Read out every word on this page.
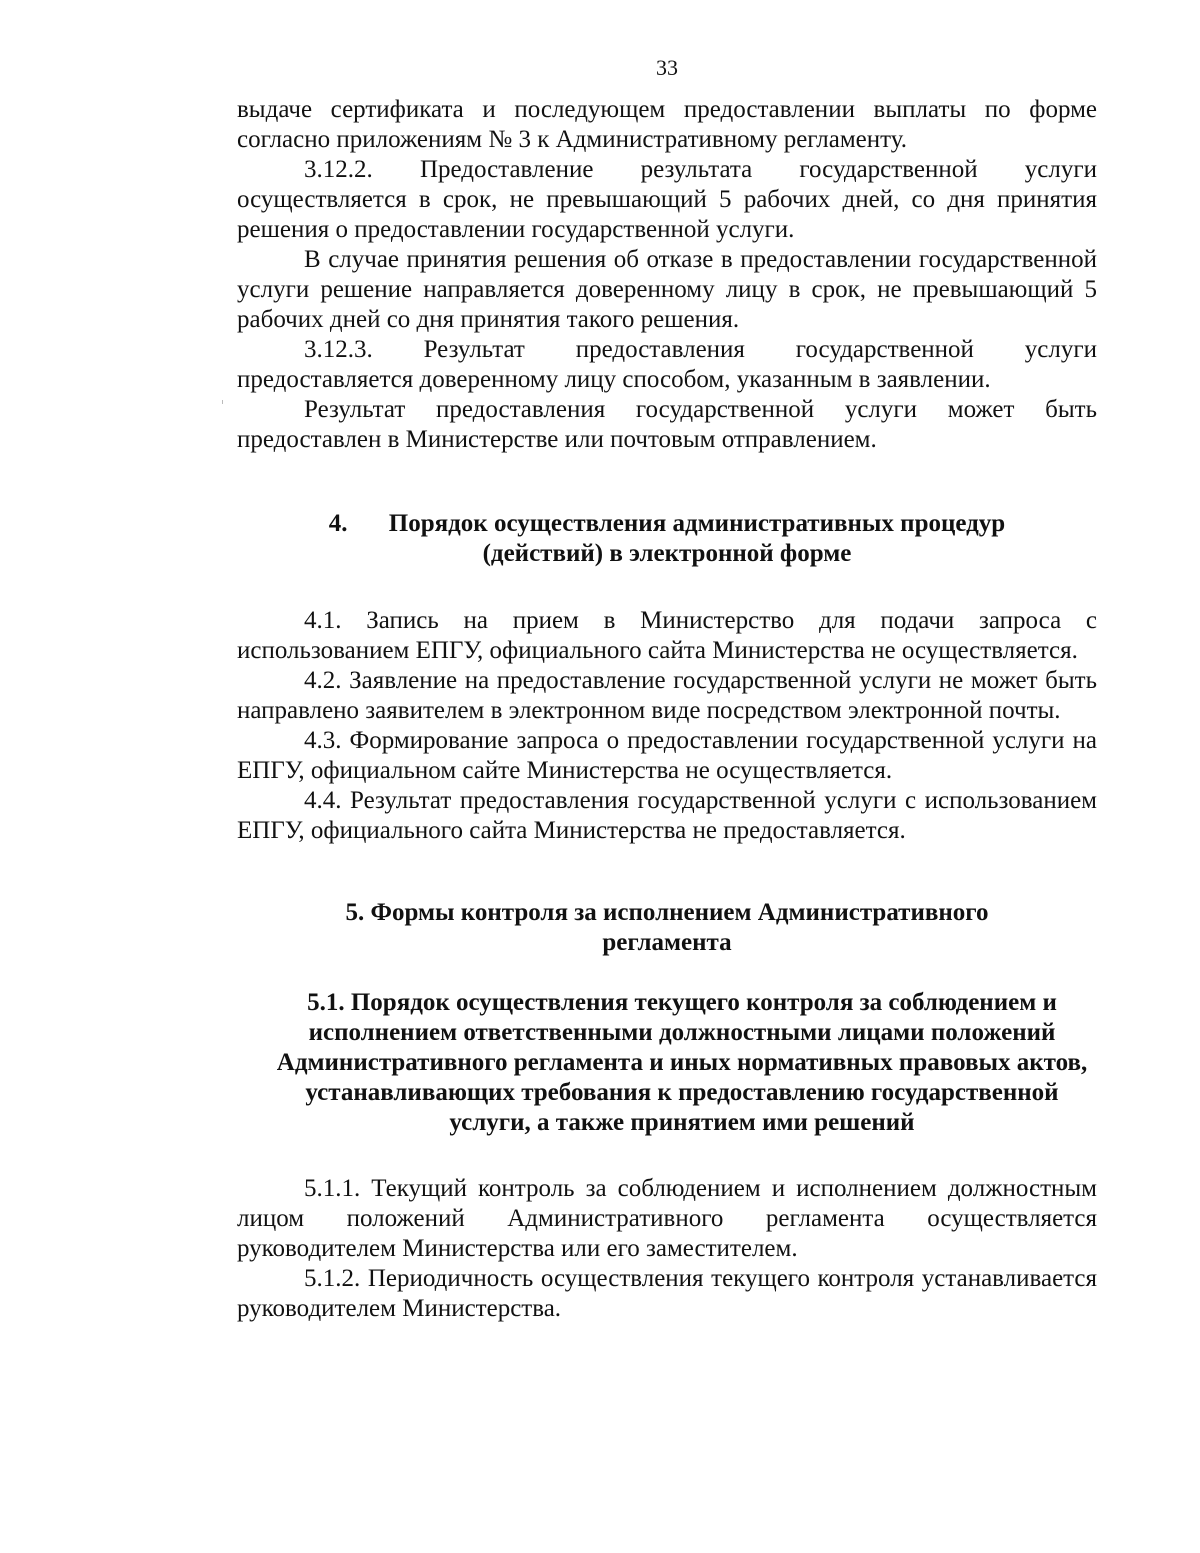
33

выдаче сертификата и последующем предоставлении выплаты по форме согласно приложениям № 3 к Административному регламенту.

3.12.2. Предоставление результата государственной услуги осуществляется в срок, не превышающий 5 рабочих дней, со дня принятия решения о предоставлении государственной услуги.

В случае принятия решения об отказе в предоставлении государственной услуги решение направляется доверенному лицу в срок, не превышающий 5 рабочих дней со дня принятия такого решения.

3.12.3. Результат предоставления государственной услуги предоставляется доверенному лицу способом, указанным в заявлении.

Результат предоставления государственной услуги может быть предоставлен в Министерстве или почтовым отправлением.

4. Порядок осуществления административных процедур
(действий) в электронной форме

4.1. Запись на прием в Министерство для подачи запроса с использованием ЕПГУ, официального сайта Министерства не осуществляется.

4.2. Заявление на предоставление государственной услуги не может быть направлено заявителем в электронном виде посредством электронной почты.

4.3. Формирование запроса о предоставлении государственной услуги на ЕПГУ, официальном сайте Министерства не осуществляется.

4.4. Результат предоставления государственной услуги с использованием ЕПГУ, официального сайта Министерства не предоставляется.

5. Формы контроля за исполнением Административного
регламента
5.1. Порядок осуществления текущего контроля за соблюдением и
исполнением ответственными должностными лицами положений
Административного регламента и иных нормативных правовых актов,
устанавливающих требования к предоставлению государственной
услуги, а также принятием ими решений

5.1.1. Текущий контроль за соблюдением и исполнением должностным лицом положений Административного регламента осуществляется руководителем Министерства или его заместителем.

5.1.2. Периодичность осуществления текущего контроля устанавливается руководителем Министерства.
